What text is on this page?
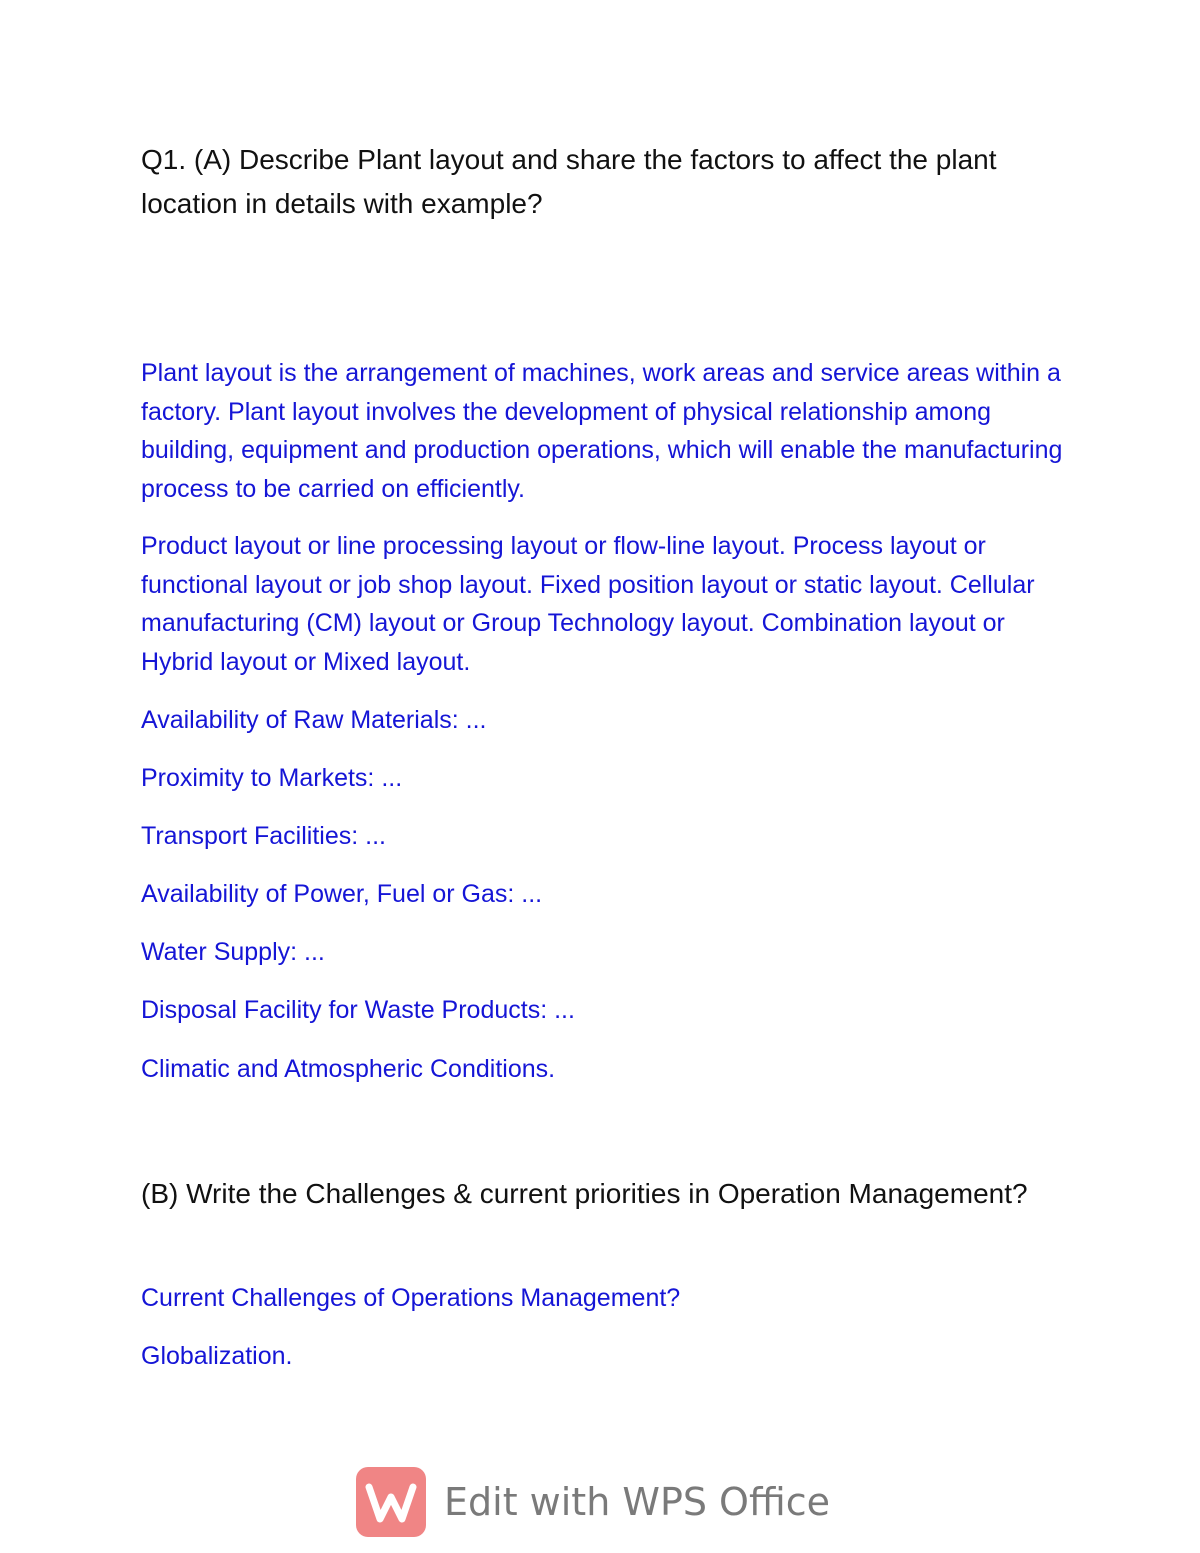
Q1. (A) Describe Plant layout and share the factors to affect the plant location in details with example?

Plant layout is the arrangement of machines, work areas and service areas within a factory. Plant layout involves the development of physical relationship among building, equipment and production operations, which will enable the manufacturing process to be carried on efficiently.

Product layout or line processing layout or flow-line layout. Process layout or functional layout or job shop layout. Fixed position layout or static layout. Cellular manufacturing (CM) layout or Group Technology layout. Combination layout or Hybrid layout or Mixed layout.

Availability of Raw Materials: ...

Proximity to Markets: ...

Transport Facilities: ...

Availability of Power, Fuel or Gas: ...

Water Supply: ...

Disposal Facility for Waste Products: ...

Climatic and Atmospheric Conditions.

(B) Write the Challenges & current priorities in Operation Management?

Current Challenges of Operations Management?

Globalization.

Edit with WPS Office
